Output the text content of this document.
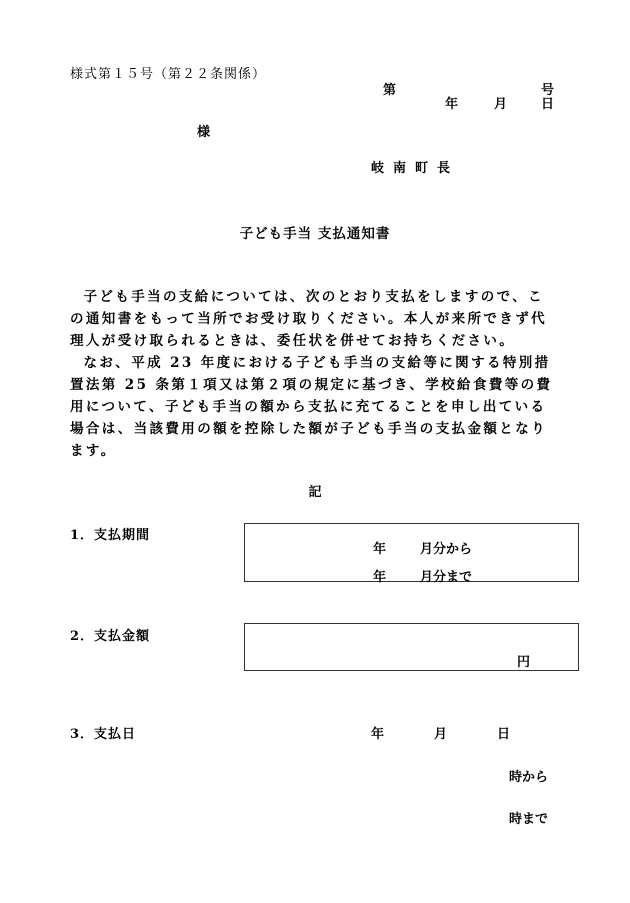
様式第１５号（第２２条関係）
第	号
年	月	日
様
岐南町長
子ども手当 支払通知書

子ども手当の支給については、次のとおり支払をしますので、この通知書をもって当所でお受け取りください。本人が来所できず代理人が受け取られるときは、委任状を併せてお持ちください。

なお、平成 23 年度における子ども手当の支給等に関する特別措置法第 25 条第１項又は第２項の規定に基づき、学校給食費等の費用について、子ども手当の額から支払に充てることを申し出ている場合は、当該費用の額を控除した額が子ども手当の支払金額となります。

記
1．支払期間
年	月分から
年	月分まで
2．支払金額
円
3．支払日	年	月	日
時から
時まで
